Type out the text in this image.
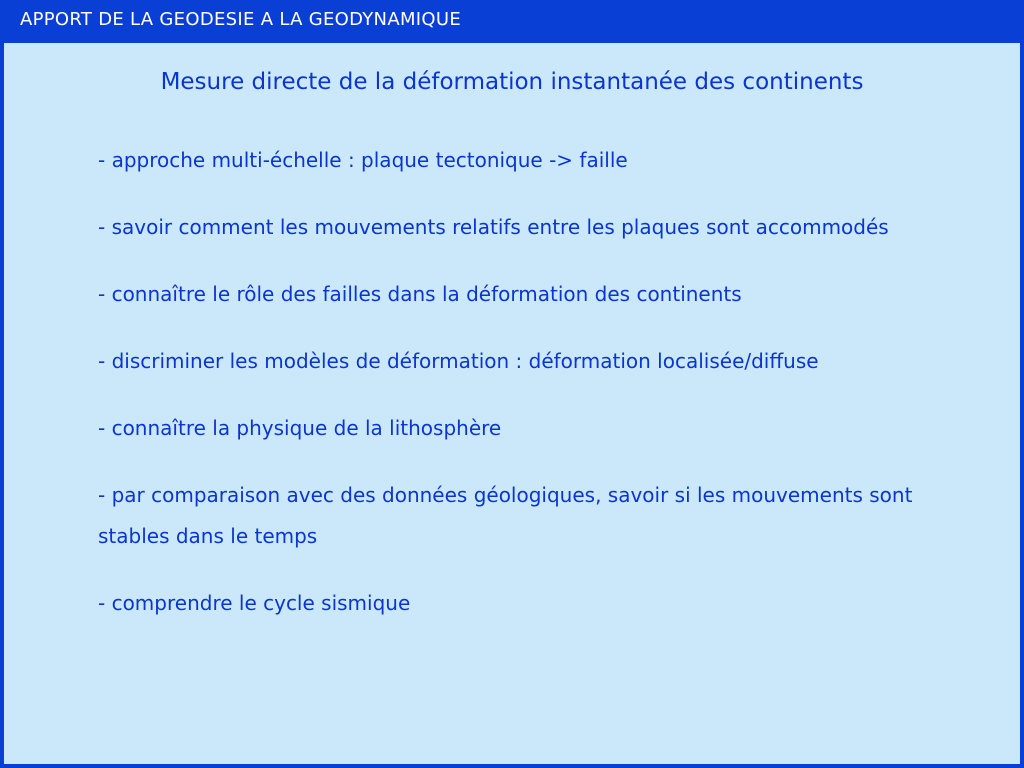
APPORT DE LA GEODESIE A LA GEODYNAMIQUE
Mesure directe de la déformation instantanée des continents
- approche multi-échelle : plaque tectonique -> faille
- savoir comment les mouvements relatifs entre les plaques sont accommodés
- connaître le rôle des failles dans la déformation des continents
- discriminer les modèles de déformation : déformation localisée/diffuse
- connaître la physique de la lithosphère
- par comparaison avec des données géologiques, savoir si les mouvements sont stables dans le temps
- comprendre le cycle sismique
